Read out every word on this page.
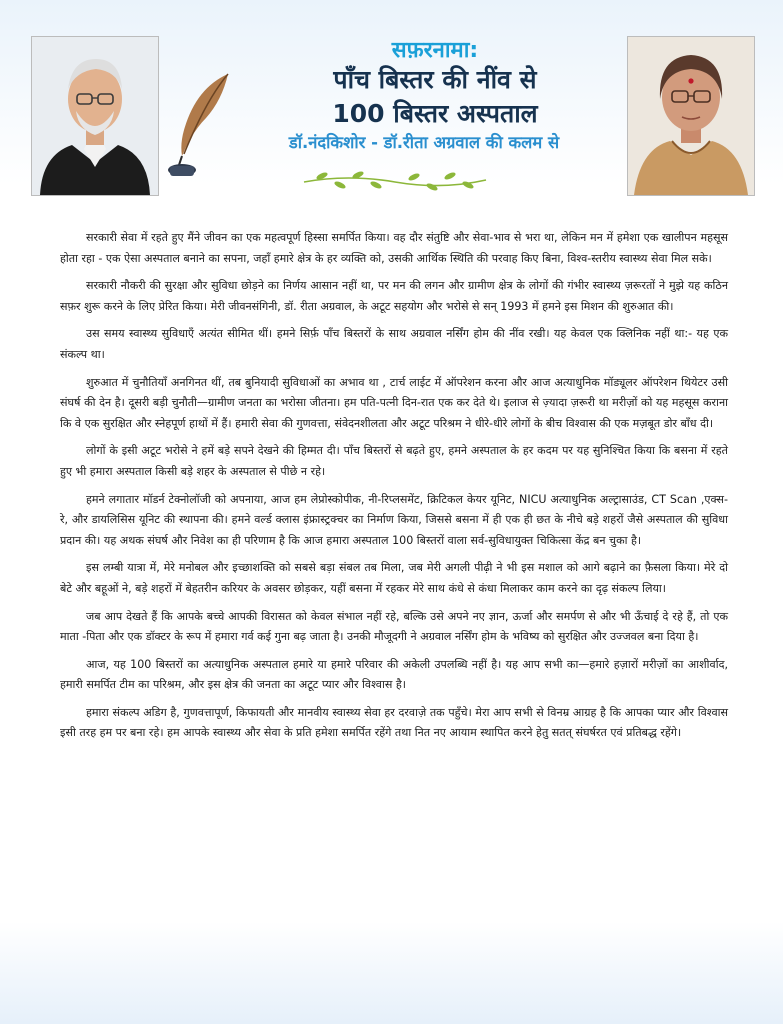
सफ़रनामा:
पाँच बिस्तर की नींव से
100 बिस्तर अस्पताल
डॉ.नंदकिशोर - डॉ.रीता अग्रवाल की कलम से

सरकारी सेवा में रहते हुए मैंने जीवन का एक महत्वपूर्ण हिस्सा समर्पित किया। वह दौर संतुष्टि और सेवा-भाव से भरा था, लेकिन मन में हमेशा एक खालीपन महसूस होता रहा - एक ऐसा अस्पताल बनाने का सपना, जहाँ हमारे क्षेत्र के हर व्यक्ति को, उसकी आर्थिक स्थिति की परवाह किए बिना, विश्व-स्तरीय स्वास्थ्य सेवा मिल सके।

सरकारी नौकरी की सुरक्षा और सुविधा छोड़ने का निर्णय आसान नहीं था, पर मन की लगन और ग्रामीण क्षेत्र के लोगों की गंभीर स्वास्थ्य ज़रूरतों ने मुझे यह कठिन सफ़र शुरू करने के लिए प्रेरित किया। मेरी जीवनसंगिनी, डॉ. रीता अग्रवाल, के अटूट सहयोग और भरोसे से सन् 1993 में हमने इस मिशन की शुरुआत की।

उस समय स्वास्थ्य सुविधाएँ अत्यंत सीमित थीं। हमने सिर्फ़ पाँच बिस्तरों के साथ अग्रवाल नर्सिंग होम की नींव रखी। यह केवल एक क्लिनिक नहीं था:- यह एक संकल्प था।

शुरुआत में चुनौतियाँ अनगिनत थीं, तब बुनियादी सुविधाओं का अभाव था , टार्च लाईट में ऑपरेशन करना और आज अत्याधुनिक मॉड्यूलर ऑपरेशन थियेटर उसी संघर्ष की देन है। दूसरी बड़ी चुनौती—ग्रामीण जनता का भरोसा जीतना। हम पति-पत्नी दिन-रात एक कर देते थे। इलाज से ज़्यादा ज़रूरी था मरीज़ों को यह महसूस कराना कि वे एक सुरक्षित और स्नेहपूर्ण हाथों में हैं। हमारी सेवा की गुणवत्ता, संवेदनशीलता और अटूट परिश्रम ने धीरे-धीरे लोगों के बीच विश्वास की एक मज़बूत डोर बाँध दी।

लोगों के इसी अटूट भरोसे ने हमें बड़े सपने देखने की हिम्मत दी। पाँच बिस्तरों से बढ़ते हुए, हमने अस्पताल के हर कदम पर यह सुनिश्चित किया कि बसना में रहते हुए भी हमारा अस्पताल किसी बड़े शहर के अस्पताल से पीछे न रहे।

हमने लगातार मॉडर्न टेक्नोलॉजी को अपनाया, आज हम लेप्रोस्कोपीक, नी-रिप्लसमेंट, क्रिटिकल केयर यूनिट, NICU अत्याधुनिक अल्ट्रासाउंड, CT Scan ,एक्स-रे, और डायलिसिस यूनिट की स्थापना की। हमने वर्ल्ड क्लास इंफ्रास्ट्रक्चर का निर्माण किया, जिससे बसना में ही एक ही छत के नीचे बड़े शहरों जैसे अस्पताल की सुविधा प्रदान की। यह अथक संघर्ष और निवेश का ही परिणाम है कि आज हमारा अस्पताल 100 बिस्तरों वाला सर्व-सुविधायुक्त चिकित्सा केंद्र बन चुका है।

इस लम्बी यात्रा में, मेरे मनोबल और इच्छाशक्ति को सबसे बड़ा संबल तब मिला, जब मेरी अगली पीढ़ी ने भी इस मशाल को आगे बढ़ाने का फ़ैसला किया। मेरे दो बेटे और बहूओं ने, बड़े शहरों में बेहतरीन करियर के अवसर छोड़कर, यहीं बसना में रहकर मेरे साथ कंधे से कंधा मिलाकर काम करने का दृढ़ संकल्प लिया।

जब आप देखते हैं कि आपके बच्चे आपकी विरासत को केवल संभाल नहीं रहे, बल्कि उसे अपने नए ज्ञान, ऊर्जा और समर्पण से और भी ऊँचाई दे रहे हैं, तो एक माता -पिता और एक डॉक्टर के रूप में हमारा गर्व कई गुना बढ़ जाता है। उनकी मौजूदगी ने अग्रवाल नर्सिंग होम के भविष्य को सुरक्षित और उज्जवल बना दिया है।

आज, यह 100 बिस्तरों का अत्याधुनिक अस्पताल हमारे या हमारे परिवार की अकेली उपलब्धि नहीं है। यह आप सभी का—हमारे हज़ारों मरीज़ों का आशीर्वाद, हमारी समर्पित टीम का परिश्रम, और इस क्षेत्र की जनता का अटूट प्यार और विश्वास है।

हमारा संकल्प अडिग है, गुणवत्तापूर्ण, किफायती और मानवीय स्वास्थ्य सेवा हर दरवाज़े तक पहुँचे। मेरा आप सभी से विनम्र आग्रह है कि आपका प्यार और विश्वास इसी तरह हम पर बना रहे। हम आपके स्वास्थ्य और सेवा के प्रति हमेशा समर्पित रहेंगे तथा नित नए आयाम स्थापित करने हेतु सतत् संघर्षरत एवं प्रतिबद्ध रहेंगे।
